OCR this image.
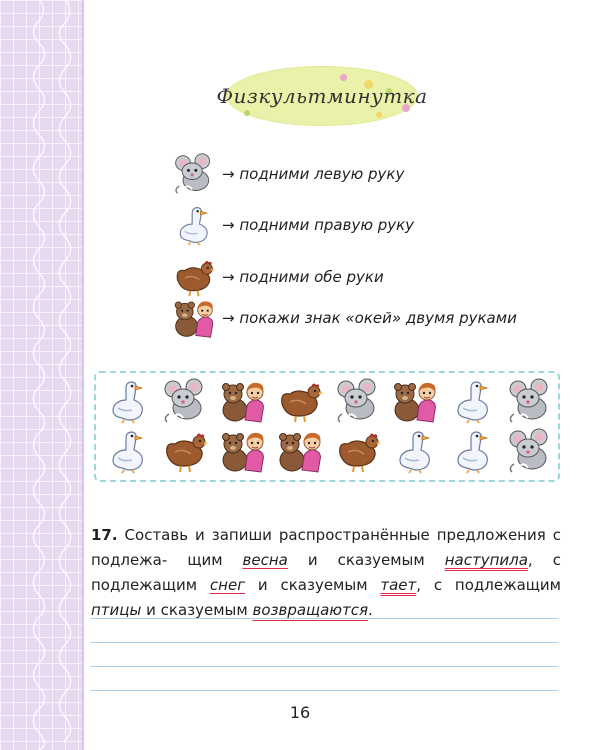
Физкультминутка
→ подними левую руку
→ подними правую руку
→ подними обе руки
→ покажи знак «окей» двумя руками
17. Составь и запиши распространённые предложения с подлежа- щим весна и сказуемым наступила, с подлежащим снег и сказуемым тает, с подлежащим птицы и сказуемым возвращаются.
16
